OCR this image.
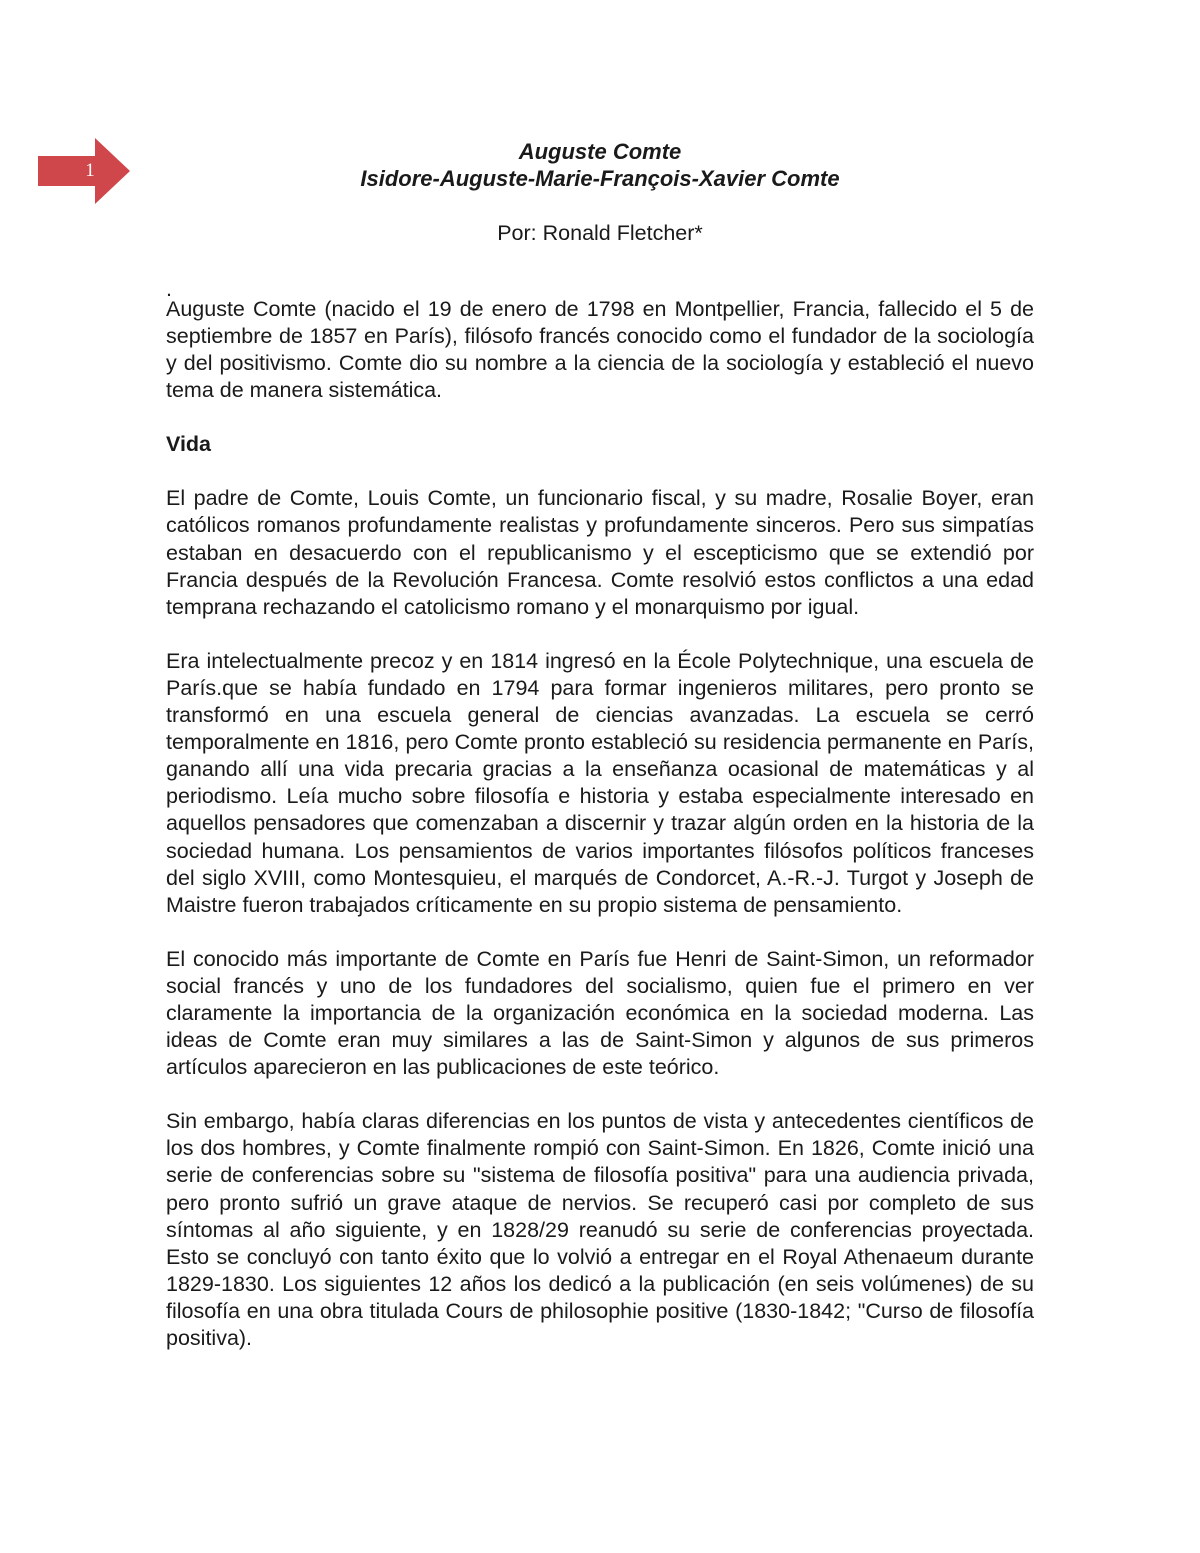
1

Auguste Comte

Isidore-Auguste-Marie-François-Xavier Comte

Por: Ronald Fletcher*

.

Auguste Comte (nacido el 19 de enero de 1798 en Montpellier, Francia, fallecido el 5 de septiembre de 1857 en París), filósofo francés conocido como el fundador de la sociología y del positivismo. Comte dio su nombre a la ciencia de la sociología y estableció el nuevo tema de manera sistemática.

Vida

El padre de Comte, Louis Comte, un funcionario fiscal, y su madre, Rosalie Boyer, eran católicos romanos profundamente realistas y profundamente sinceros. Pero sus simpatías estaban en desacuerdo con el republicanismo y el escepticismo que se extendió por Francia después de la Revolución Francesa. Comte resolvió estos conflictos a una edad temprana rechazando el catolicismo romano y el monarquismo por igual.

Era intelectualmente precoz y en 1814 ingresó en la École Polytechnique, una escuela de París.que se había fundado en 1794 para formar ingenieros militares, pero pronto se transformó en una escuela general de ciencias avanzadas. La escuela se cerró temporalmente en 1816, pero Comte pronto estableció su residencia permanente en París, ganando allí una vida precaria gracias a la enseñanza ocasional de matemáticas y al periodismo. Leía mucho sobre filosofía e historia y estaba especialmente interesado en aquellos pensadores que comenzaban a discernir y trazar algún orden en la historia de la sociedad humana. Los pensamientos de varios importantes filósofos políticos franceses del siglo XVIII, como Montesquieu, el marqués de Condorcet, A.-R.-J. Turgot y Joseph de Maistre fueron trabajados críticamente en su propio sistema de pensamiento.

El conocido más importante de Comte en París fue Henri de Saint-Simon, un reformador social francés y uno de los fundadores del socialismo, quien fue el primero en ver claramente la importancia de la organización económica en la sociedad moderna. Las ideas de Comte eran muy similares a las de Saint-Simon y algunos de sus primeros artículos aparecieron en las publicaciones de este teórico.

Sin embargo, había claras diferencias en los puntos de vista y antecedentes científicos de los dos hombres, y Comte finalmente rompió con Saint-Simon. En 1826, Comte inició una serie de conferencias sobre su "sistema de filosofía positiva" para una audiencia privada, pero pronto sufrió un grave ataque de nervios. Se recuperó casi por completo de sus síntomas al año siguiente, y en 1828/29 reanudó su serie de conferencias proyectada. Esto se concluyó con tanto éxito que lo volvió a entregar en el Royal Athenaeum durante 1829-1830. Los siguientes 12 años los dedicó a la publicación (en seis volúmenes) de su filosofía en una obra titulada Cours de philosophie positive (1830-1842; "Curso de filosofía positiva).
